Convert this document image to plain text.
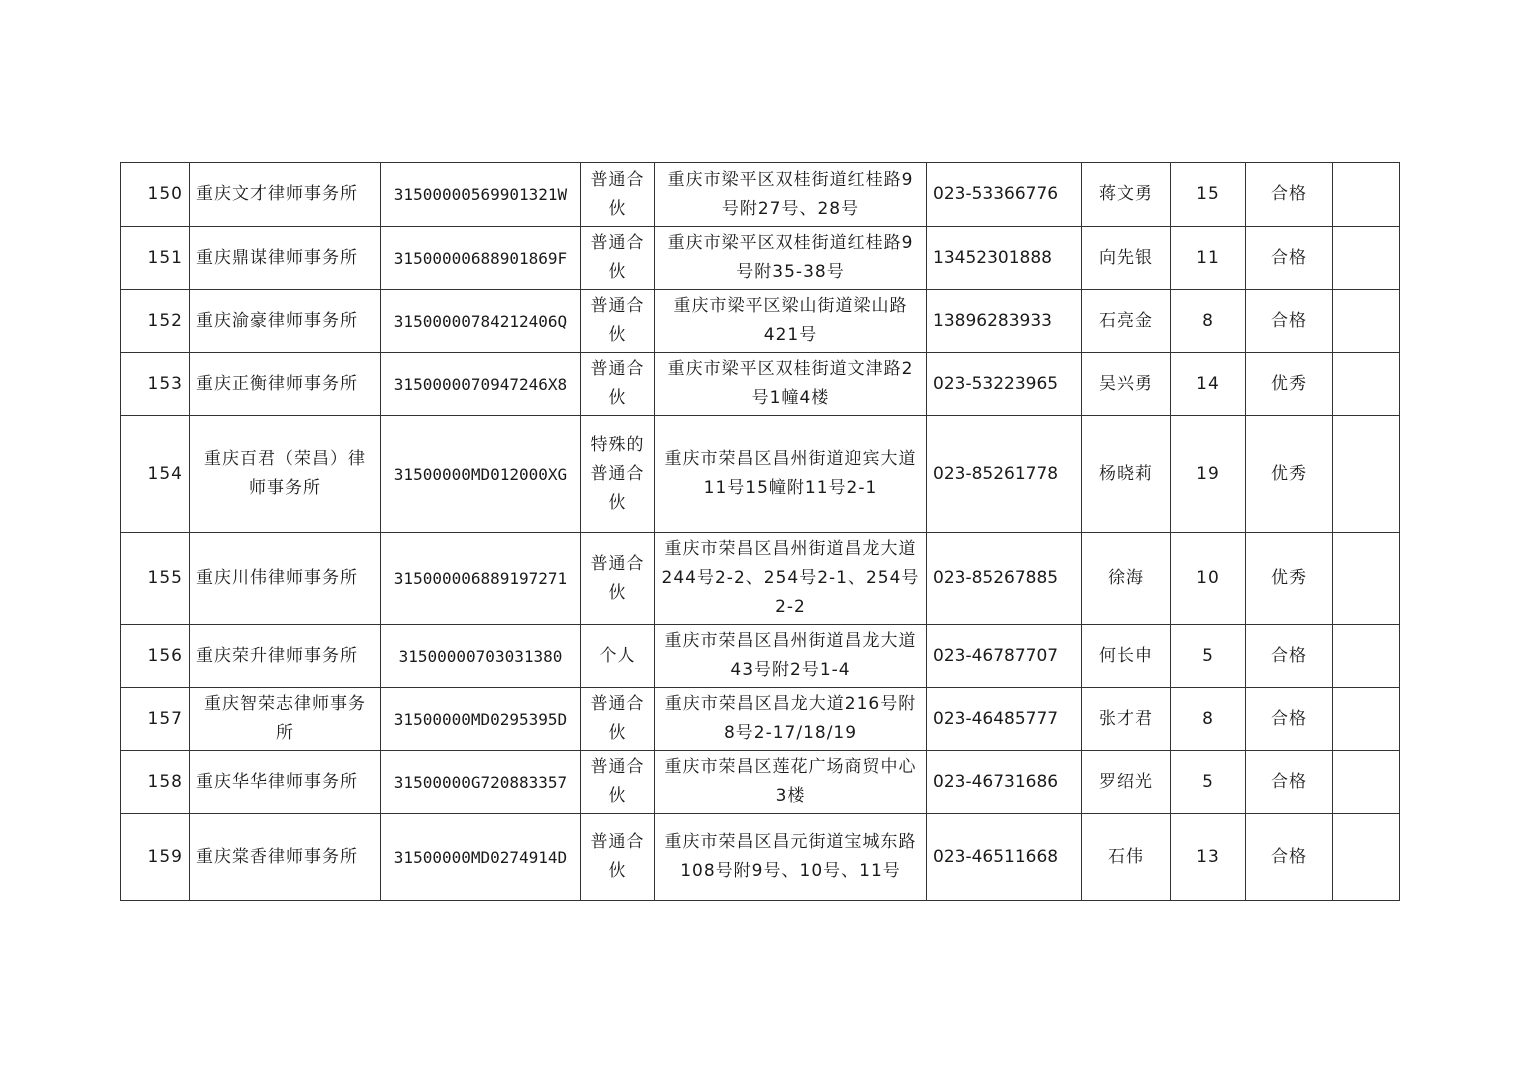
150	重庆文才律师事务所	31500000569901321W	普通合伙	重庆市梁平区双桂街道红桂路9号附27号、28号	023-53366776	蒋文勇	15	合格	
151	重庆鼎谋律师事务所	31500000688901869F	普通合伙	重庆市梁平区双桂街道红桂路9号附35-38号	13452301888	向先银	11	合格	
152	重庆渝豪律师事务所	31500000784212406Q	普通合伙	重庆市梁平区梁山街道梁山路421号	13896283933	石亮金	8	合格	
153	重庆正衡律师事务所	3150000070947246X8	普通合伙	重庆市梁平区双桂街道文津路2号1幢4楼	023-53223965	吴兴勇	14	优秀	
154	重庆百君（荣昌）律师事务所	31500000MD012000XG	特殊的普通合伙	重庆市荣昌区昌州街道迎宾大道11号15幢附11号2-1	023-85261778	杨晓莉	19	优秀	
155	重庆川伟律师事务所	315000006889197271	普通合伙	重庆市荣昌区昌州街道昌龙大道244号2-2、254号2-1、254号2-2	023-85267885	徐海	10	优秀	
156	重庆荣升律师事务所	31500000703031380	个人	重庆市荣昌区昌州街道昌龙大道43号附2号1-4	023-46787707	何长申	5	合格	
157	重庆智荣志律师事务所	31500000MD0295395D	普通合伙	重庆市荣昌区昌龙大道216号附8号2-17/18/19	023-46485777	张才君	8	合格	
158	重庆华华律师事务所	31500000G720883357	普通合伙	重庆市荣昌区莲花广场商贸中心3楼	023-46731686	罗绍光	5	合格	
159	重庆棠香律师事务所	31500000MD0274914D	普通合伙	重庆市荣昌区昌元街道宝城东路108号附9号、10号、11号	023-46511668	石伟	13	合格	
